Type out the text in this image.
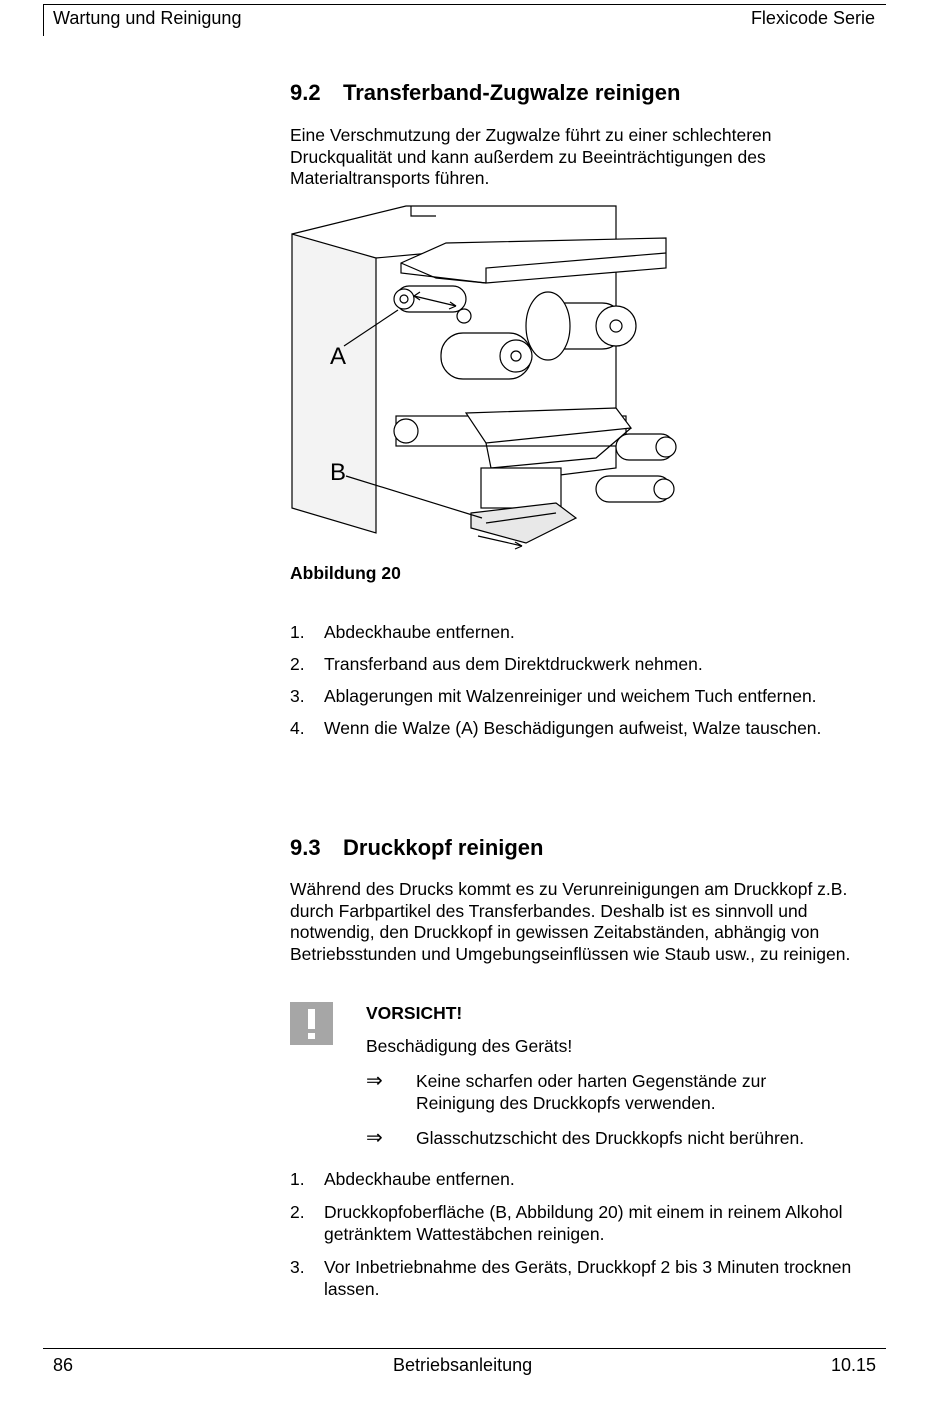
Wartung und Reinigung	Flexicode Serie
9.2 Transferband-Zugwalze reinigen
Eine Verschmutzung der Zugwalze führt zu einer schlechteren Druckqualität und kann außerdem zu Beeinträchtigungen des Materialtransports führen.
A
B
Abbildung 20
1. Abdeckhaube entfernen.
2. Transferband aus dem Direktdruckwerk nehmen.
3. Ablagerungen mit Walzenreiniger und weichem Tuch entfernen.
4. Wenn die Walze (A) Beschädigungen aufweist, Walze tauschen.
9.3 Druckkopf reinigen
Während des Drucks kommt es zu Verunreinigungen am Druckkopf z.B. durch Farbpartikel des Transferbandes. Deshalb ist es sinnvoll und notwendig, den Druckkopf in gewissen Zeitabständen, abhängig von Betriebsstunden und Umgebungseinflüssen wie Staub usw., zu reinigen.
VORSICHT!
Beschädigung des Geräts!
⇒ Keine scharfen oder harten Gegenstände zur Reinigung des Druckkopfs verwenden.
⇒ Glasschutzschicht des Druckkopfs nicht berühren.
1. Abdeckhaube entfernen.
2. Druckkopfoberfläche (B, Abbildung 20) mit einem in reinem Alkohol getränktem Wattestäbchen reinigen.
3. Vor Inbetriebnahme des Geräts, Druckkopf 2 bis 3 Minuten trocknen lassen.
86	Betriebsanleitung	10.15
